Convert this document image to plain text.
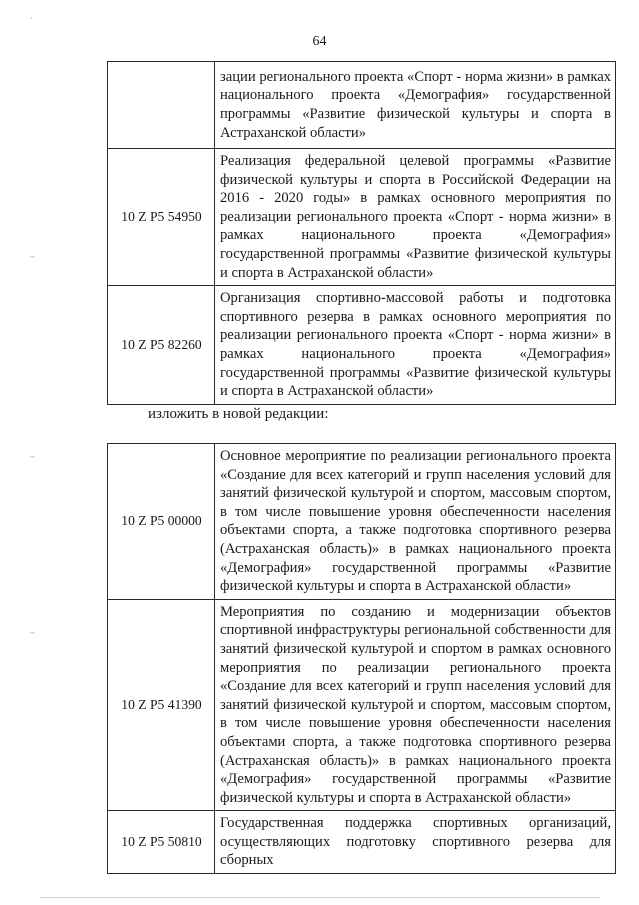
64
·
~
~
~
	зации регионального проекта «Спорт - норма жизни» в рамках национального проекта «Демография» государственной программы «Развитие физической культуры и спорта в Астраханской области»
10 Z P5 54950	Реализация федеральной целевой программы «Развитие физической культуры и спорта в Российской Федерации на 2016 - 2020 годы» в рамках основного мероприятия по реализации регионального проекта «Спорт - норма жизни» в рамках национального проекта «Демография» государственной программы «Развитие физической культуры и спорта в Астраханской области»
10 Z P5 82260	Организация спортивно-массовой работы и подготовка спортивного резерва в рамках основного мероприятия по реализации регионального проекта «Спорт - норма жизни» в рамках национального проекта «Демография» государственной программы «Развитие физической культуры и спорта в Астраханской области»
изложить в новой редакции:
10 Z P5 00000	Основное мероприятие по реализации регионального проекта «Создание для всех категорий и групп населения условий для занятий физической культурой и спортом, массовым спортом, в том числе повышение уровня обеспеченности населения объектами спорта, а также подготовка спортивного резерва (Астраханская область)» в рамках национального проекта «Демография» государственной программы «Развитие физической культуры и спорта в Астраханской области»
10 Z P5 41390	Мероприятия по созданию и модернизации объектов спортивной инфраструктуры региональной собственности для занятий физической культурой и спортом в рамках основного мероприятия по реализации регионального проекта «Создание для всех категорий и групп населения условий для занятий физической культурой и спортом, массовым спортом, в том числе повышение уровня обеспеченности населения объектами спорта, а также подготовка спортивного резерва (Астраханская область)» в рамках национального проекта «Демография» государственной программы «Развитие физической культуры и спорта в Астраханской области»
10 Z P5 50810	Государственная поддержка спортивных организаций, осуществляющих подготовку спортивного резерва для сборных
